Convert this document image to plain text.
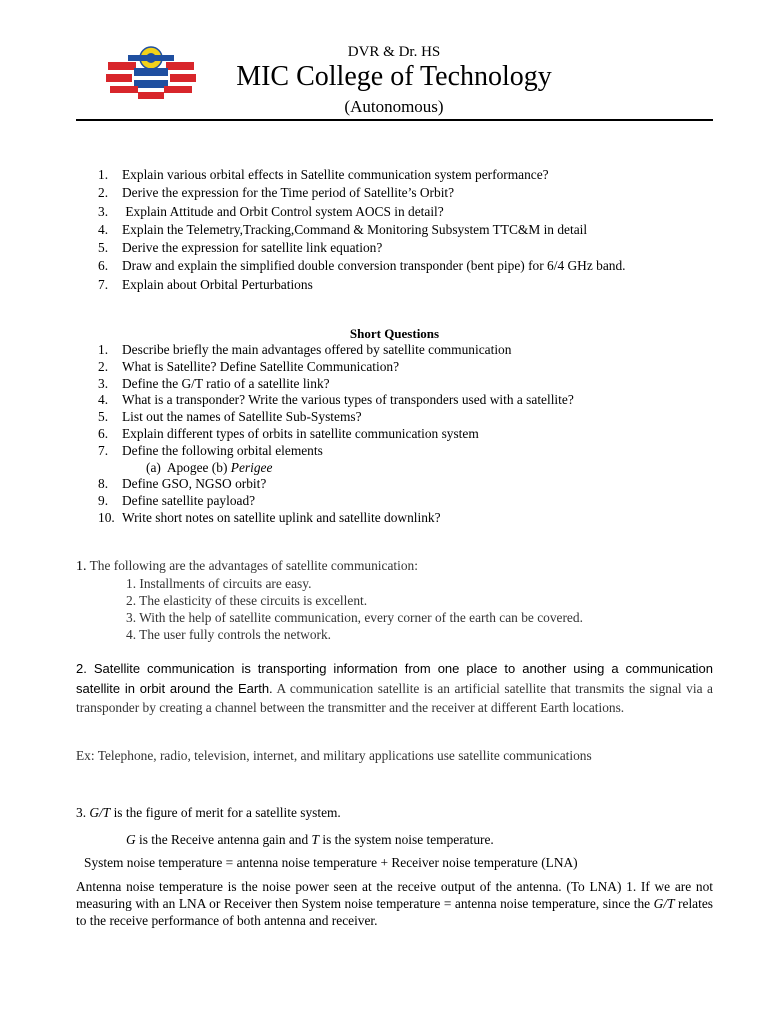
DVR & Dr. HS
MIC College of Technology
(Autonomous)
1. Explain various orbital effects in Satellite communication system performance?
2. Derive the expression for the Time period of Satellite’s Orbit?
3. Explain Attitude and Orbit Control system AOCS in detail?
4. Explain the Telemetry,Tracking,Command & Monitoring Subsystem TTC&M in detail
5. Derive the expression for satellite link equation?
6. Draw and explain the simplified double conversion transponder (bent pipe) for 6/4 GHz band.
7. Explain about Orbital Perturbations
Short Questions
1. Describe briefly the main advantages offered by satellite communication
2. What is Satellite? Define Satellite Communication?
3. Define the G/T ratio of a satellite link?
4. What is a transponder? Write the various types of transponders used with a satellite?
5. List out the names of Satellite Sub-Systems?
6. Explain different types of orbits in satellite communication system
7. Define the following orbital elements
(a)  Apogee (b) Perigee
8. Define GSO, NGSO orbit?
9. Define satellite payload?
10. Write short notes on satellite uplink and satellite downlink?
1. The following are the advantages of satellite communication:
1. Installments of circuits are easy.
2. The elasticity of these circuits is excellent.
3. With the help of satellite communication, every corner of the earth can be covered.
4. The user fully controls the network.
2. Satellite communication is transporting information from one place to another using a communication satellite in orbit around the Earth. A communication satellite is an artificial satellite that transmits the signal via a transponder by creating a channel between the transmitter and the receiver at different Earth locations.
Ex: Telephone, radio, television, internet, and military applications use satellite communications
3. G/T is the figure of merit for a satellite system.
G is the Receive antenna gain and T is the system noise temperature.
System noise temperature = antenna noise temperature + Receiver noise temperature (LNA)
Antenna noise temperature is the noise power seen at the receive output of the antenna. (To LNA) 1. If we are not measuring with an LNA or Receiver then System noise temperature = antenna noise temperature, since the G/T relates to the receive performance of both antenna and receiver.
